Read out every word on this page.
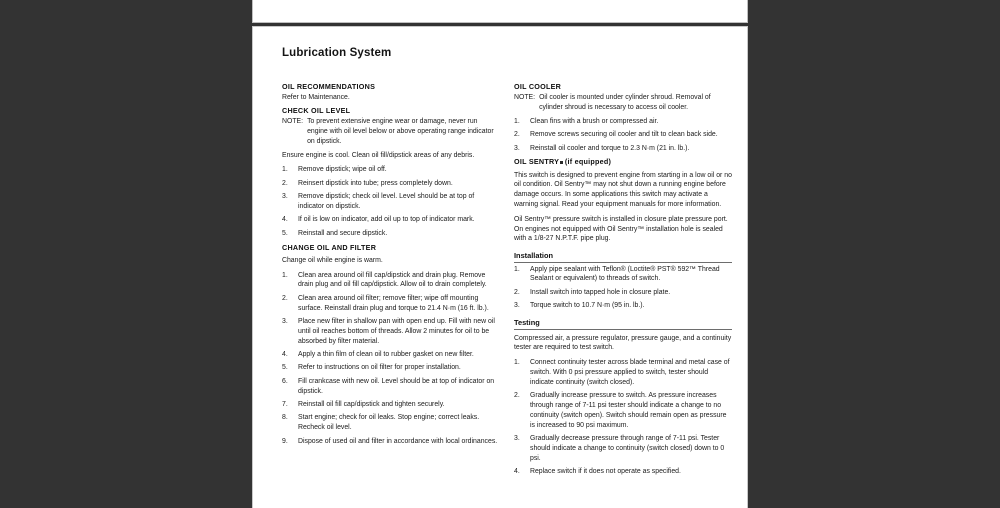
Lubrication System
OIL RECOMMENDATIONS

Refer to Maintenance.

CHECK OIL LEVEL
NOTE: To prevent extensive engine wear or damage, never run engine with oil level below or above operating range indicator on dipstick.

Ensure engine is cool. Clean oil fill/dipstick areas of any debris.

Remove dipstick; wipe oil off.
Reinsert dipstick into tube; press completely down.
Remove dipstick; check oil level. Level should be at top of indicator on dipstick.
If oil is low on indicator, add oil up to top of indicator mark.
Reinstall and secure dipstick.
CHANGE OIL AND FILTER

Change oil while engine is warm.

Clean area around oil fill cap/dipstick and drain plug. Remove drain plug and oil fill cap/dipstick. Allow oil to drain completely.
Clean area around oil filter; remove filter; wipe off mounting surface. Reinstall drain plug and torque to 21.4 N·m (16 ft. lb.).
Place new filter in shallow pan with open end up. Fill with new oil until oil reaches bottom of threads. Allow 2 minutes for oil to be absorbed by filter material.
Apply a thin film of clean oil to rubber gasket on new filter.
Refer to instructions on oil filter for proper installation.
Fill crankcase with new oil. Level should be at top of indicator on dipstick.
Reinstall oil fill cap/dipstick and tighten securely.
Start engine; check for oil leaks. Stop engine; correct leaks. Recheck oil level.
Dispose of used oil and filter in accordance with local ordinances.
OIL COOLER
NOTE: Oil cooler is mounted under cylinder shroud. Removal of cylinder shroud is necessary to access oil cooler.
Clean fins with a brush or compressed air.
Remove screws securing oil cooler and tilt to clean back side.
Reinstall oil cooler and torque to 2.3 N·m (21 in. lb.).
OIL SENTRY (if equipped)

This switch is designed to prevent engine from starting in a low oil or no oil condition. Oil Sentry™ may not shut down a running engine before damage occurs. In some applications this switch may activate a warning signal. Read your equipment manuals for more information.

Oil Sentry™ pressure switch is installed in closure plate pressure port. On engines not equipped with Oil Sentry™ installation hole is sealed with a 1/8-27 N.P.T.F. pipe plug.

Installation
Apply pipe sealant with Teflon® (Loctite® PST® 592™ Thread Sealant or equivalent) to threads of switch.
Install switch into tapped hole in closure plate.
Torque switch to 10.7 N·m (95 in. lb.).
Testing

Compressed air, a pressure regulator, pressure gauge, and a continuity tester are required to test switch.

Connect continuity tester across blade terminal and metal case of switch. With 0 psi pressure applied to switch, tester should indicate continuity (switch closed).
Gradually increase pressure to switch. As pressure increases through range of 7-11 psi tester should indicate a change to no continuity (switch open). Switch should remain open as pressure is increased to 90 psi maximum.
Gradually decrease pressure through range of 7-11 psi. Tester should indicate a change to continuity (switch closed) down to 0 psi.
Replace switch if it does not operate as specified.
